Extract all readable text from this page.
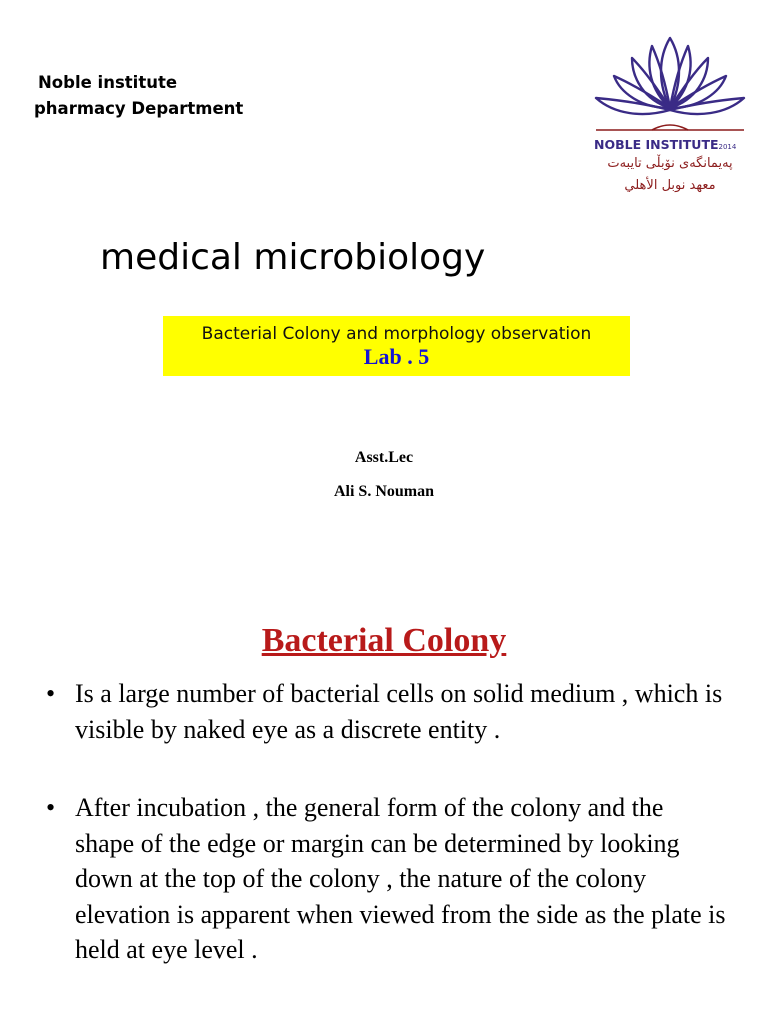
Noble institute
pharmacy Department
NOBLE INSTITUTE2014
پەیمانگەی نۆبڵی تایبەت
معهد نوبل الأهلي
medical microbiology
Bacterial Colony and morphology observation
Lab . 5
Asst.Lec
Ali S. Nouman
Bacterial Colony
• Is a large number of bacterial cells on solid medium , which is visible by naked eye as a discrete entity .
• After incubation , the general form of the colony and the shape of the edge or margin can be determined by looking down at the top of the colony , the nature of the colony elevation is apparent when viewed from the side as the plate is held at eye level .
